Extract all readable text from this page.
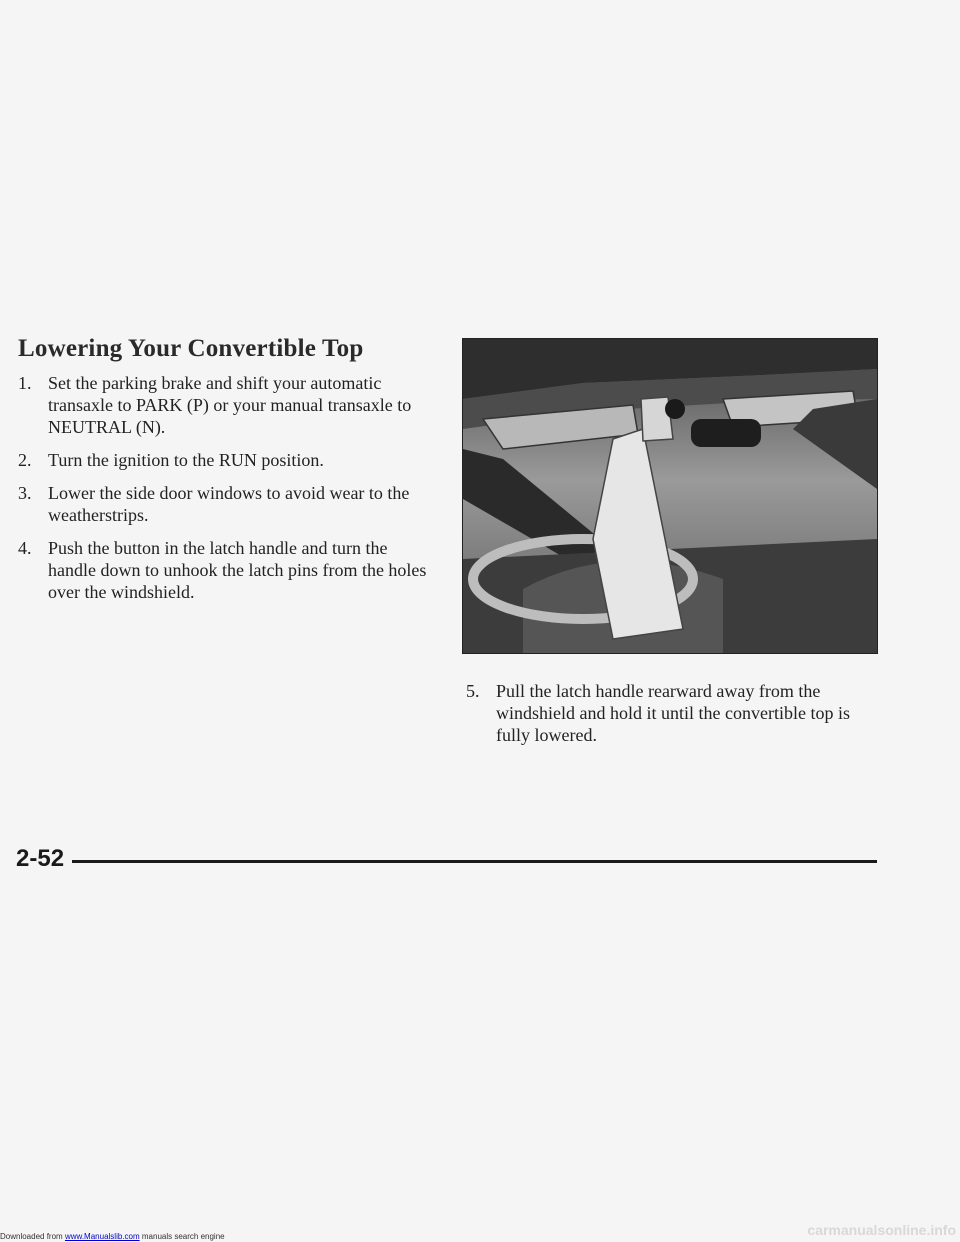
Lowering Your Convertible Top
1. Set the parking brake and shift your automatic transaxle to PARK (P) or your manual transaxle to NEUTRAL (N).
2. Turn the ignition to the RUN position.
3. Lower the side door windows to avoid wear to the weatherstrips.
4. Push the button in the latch handle and turn the handle down to unhook the latch pins from the holes over the windshield.
5. Pull the latch handle rearward away from the windshield and hold it until the convertible top is fully lowered.
2-52
carmanualsonline.info
Downloaded from www.Manualslib.com manuals search engine
